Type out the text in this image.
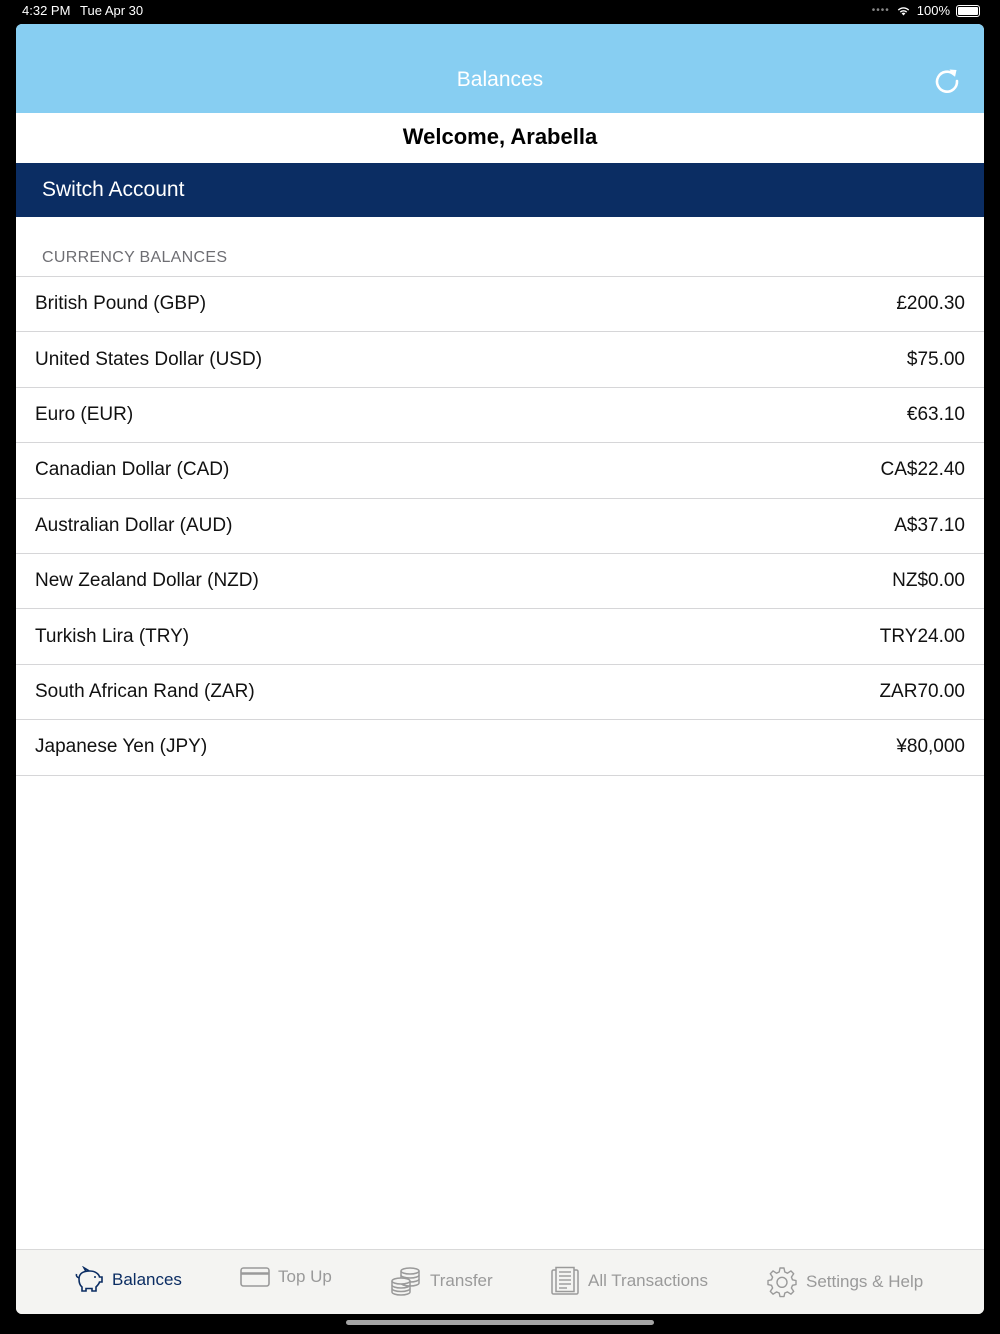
4:32 PM Tue Apr 30	•••• 100%
Balances
Welcome, Arabella
Switch Account
CURRENCY BALANCES
British Pound (GBP)	£200.30
United States Dollar (USD)	$75.00
Euro (EUR)	€63.10
Canadian Dollar (CAD)	CA$22.40
Australian Dollar (AUD)	A$37.10
New Zealand Dollar (NZD)	NZ$0.00
Turkish Lira (TRY)	TRY24.00
South African Rand (ZAR)	ZAR70.00
Japanese Yen (JPY)	¥80,000
Balances	Top Up	Transfer	All Transactions	Settings & Help
